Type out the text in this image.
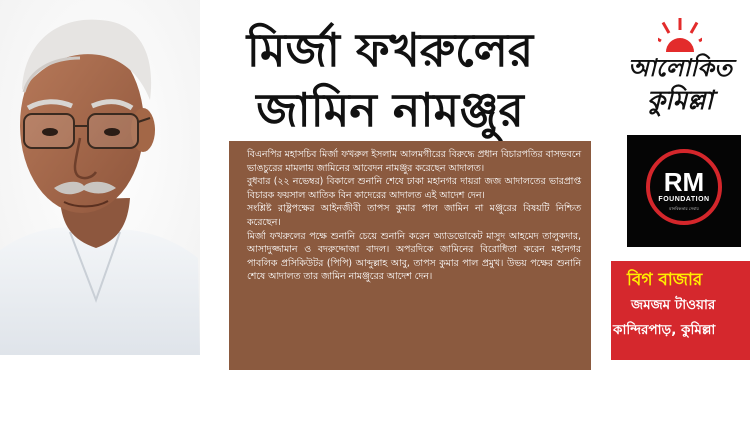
মির্জা ফখরুলের
জামিন নামঞ্জুর

বিএনপির মহাসচিব মির্জা ফখরুল ইসলাম আলমগীরের বিরুদ্ধে প্রধান বিচারপতির বাসভবনে ভাঙচুরের মামলায় জামিনের আবেদন নামঞ্জুর করেছেন আদালত।

বুধবার (২২ নভেম্বর) বিকালে শুনানি শেষে ঢাকা মহানগর দায়রা জজ আদালতের ভারপ্রাপ্ত বিচারক ফয়সাল আতিক বিন কাদেরের আদালত এই আদেশ দেন।

সংশ্লিষ্ট রাষ্ট্রপক্ষের আইনজীবী তাপস কুমার পাল জামিন না মঞ্জুরের বিষয়টি নিশ্চিত করেছেন।

মির্জা ফখরুলের পক্ষে শুনানি চেয়ে শুনানি করেন অ্যাডভোকেট মাসুদ আহমেদ তালুকদার, আসাদুজ্জামান ও বদরুদ্দোজা বাদল। অপরদিকে জামিনের বিরোধিতা করেন মহানগর পাবলিক প্রসিকিউটর (পিপি) আব্দুল্লাহ আবু, তাপস কুমার পাল প্রমুখ। উভয় পক্ষের শুনানি শেষে আদালত তার জামিন নামঞ্জুরের আদেশ দেন।

আলোকিত
কুমিল্লা
RM
FOUNDATION
মানবিকতার সেবায়
বিগ বাজার
জমজম টাওয়ার
কান্দিরপাড়, কুমিল্লা
